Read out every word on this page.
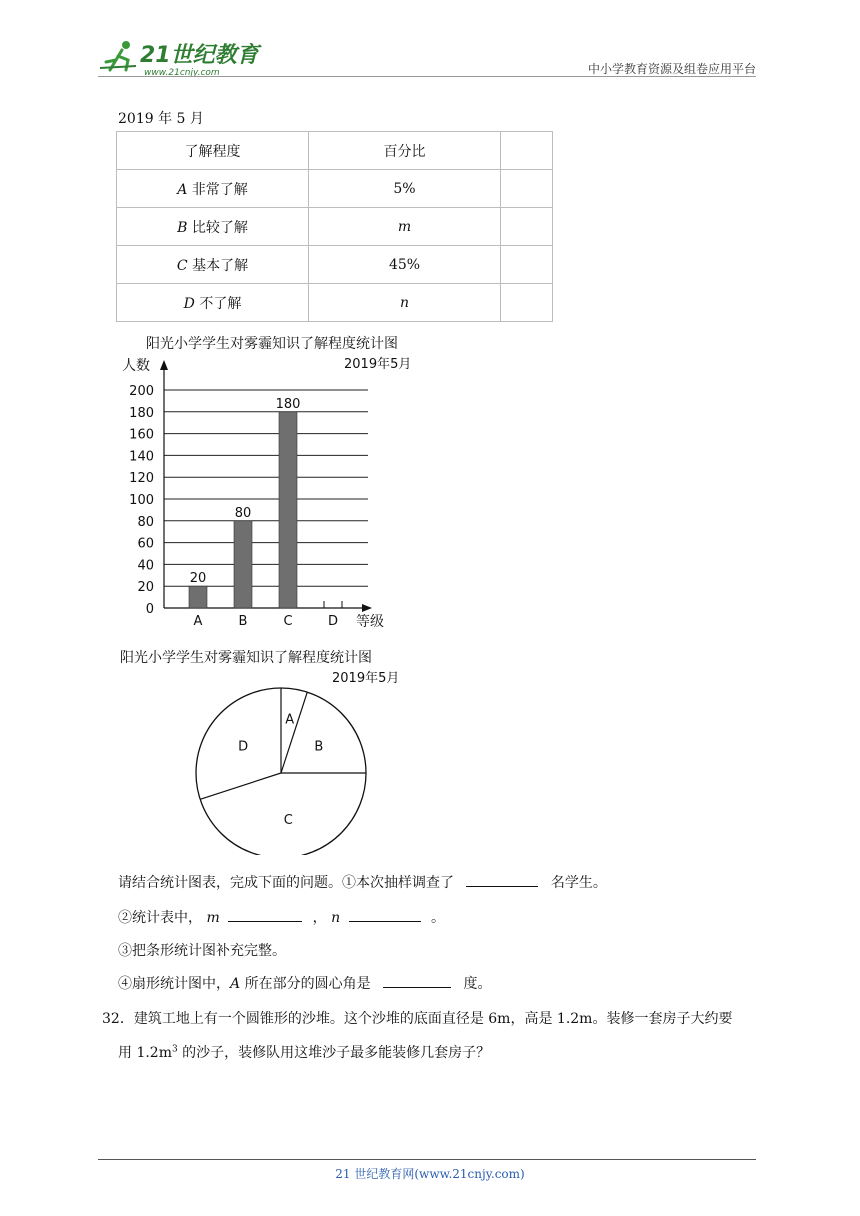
21世纪教育
www.21cnjy.com	中小学教育资源及组卷应用平台
2019 年 5 月
了解程度	百分比	
A 非常了解	5%	
B 比较了解	m	
C 基本了解	45%	
D 不了解	n	
阳光小学学生对雾霾知识了解程度统计图
2019年5月
人数
0
20
40
60
80
100
120
140
160
180
200
20
80
180
A	B	C	D 等级
阳光小学学生对雾霾知识了解程度统计图
2019年5月
A
B
C
D
请结合统计图表，完成下面的问题。①本次抽样调查了	名学生。
②统计表中， m	， n	。
③把条形统计图补充完整。
④扇形统计图中，A 所在部分的圆心角是	度。
32．建筑工地上有一个圆锥形的沙堆。这个沙堆的底面直径是 6m，高是 1.2m。装修一套房子大约要
用 $1.2m^3$ 的沙子，装修队用这堆沙子最多能装修几套房子？
21 世纪教育网(www.21cnjy.com)
